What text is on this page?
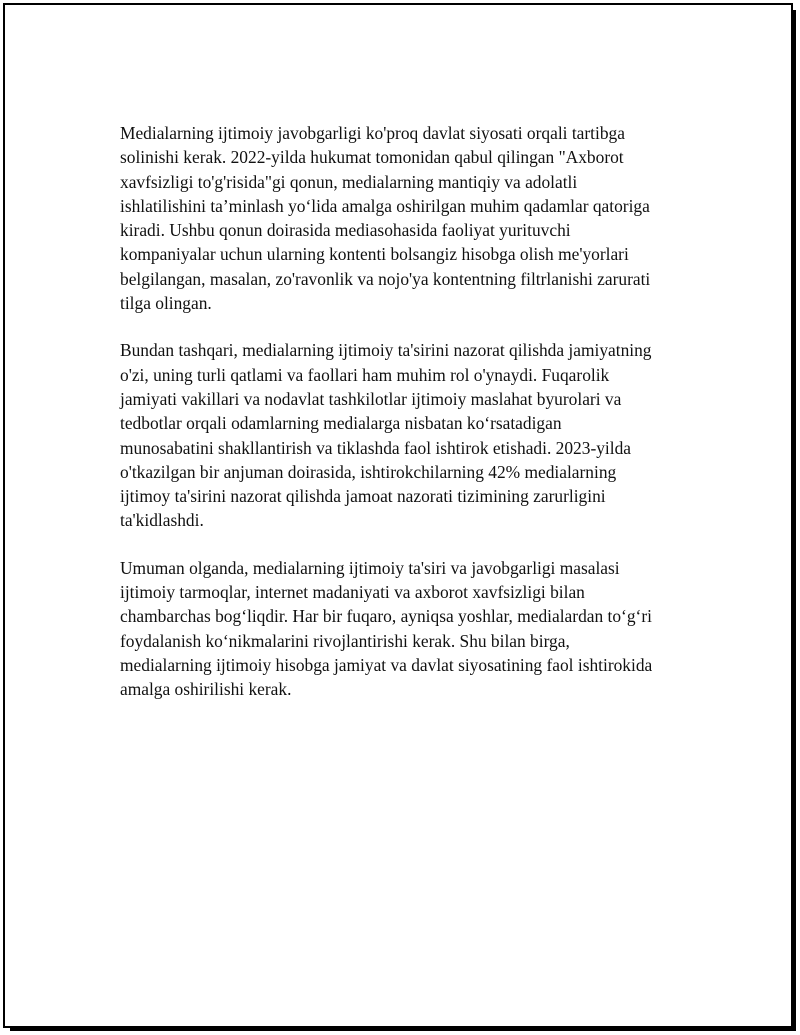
Medialarning ijtimoiy javobgarligi ko'proq davlat siyosati orqali tartibga
solinishi kerak. 2022-yilda hukumat tomonidan qabul qilingan "Axborot
xavfsizligi to'g'risida"gi qonun, medialarning mantiqiy va adolatli
ishlatilishini taʼminlash yoʻlida amalga oshirilgan muhim qadamlar qatoriga
kiradi. Ushbu qonun doirasida mediasohasida faoliyat yurituvchi
kompaniyalar uchun ularning kontenti bolsangiz hisobga olish me'yorlari
belgilangan, masalan, zo'ravonlik va nojo'ya kontentning filtrlanishi zarurati
tilga olingan.

Bundan tashqari, medialarning ijtimoiy ta'sirini nazorat qilishda jamiyatning
o'zi, uning turli qatlami va faollari ham muhim rol o'ynaydi. Fuqarolik
jamiyati vakillari va nodavlat tashkilotlar ijtimoiy maslahat byurolari va
tedbotlar orqali odamlarning medialarga nisbatan koʻrsatadigan
munosabatini shakllantirish va tiklashda faol ishtirok etishadi. 2023-yilda
o'tkazilgan bir anjuman doirasida, ishtirokchilarning 42% medialarning
ijtimoy ta'sirini nazorat qilishda jamoat nazorati tizimining zarurligini
ta'kidlashdi.

Umuman olganda, medialarning ijtimoiy ta'siri va javobgarligi masalasi
ijtimoiy tarmoqlar, internet madaniyati va axborot xavfsizligi bilan
chambarchas bogʻliqdir. Har bir fuqaro, ayniqsa yoshlar, medialardan toʻgʻri
foydalanish koʻnikmalarini rivojlantirishi kerak. Shu bilan birga,
medialarning ijtimoiy hisobga jamiyat va davlat siyosatining faol ishtirokida
amalga oshirilishi kerak.
